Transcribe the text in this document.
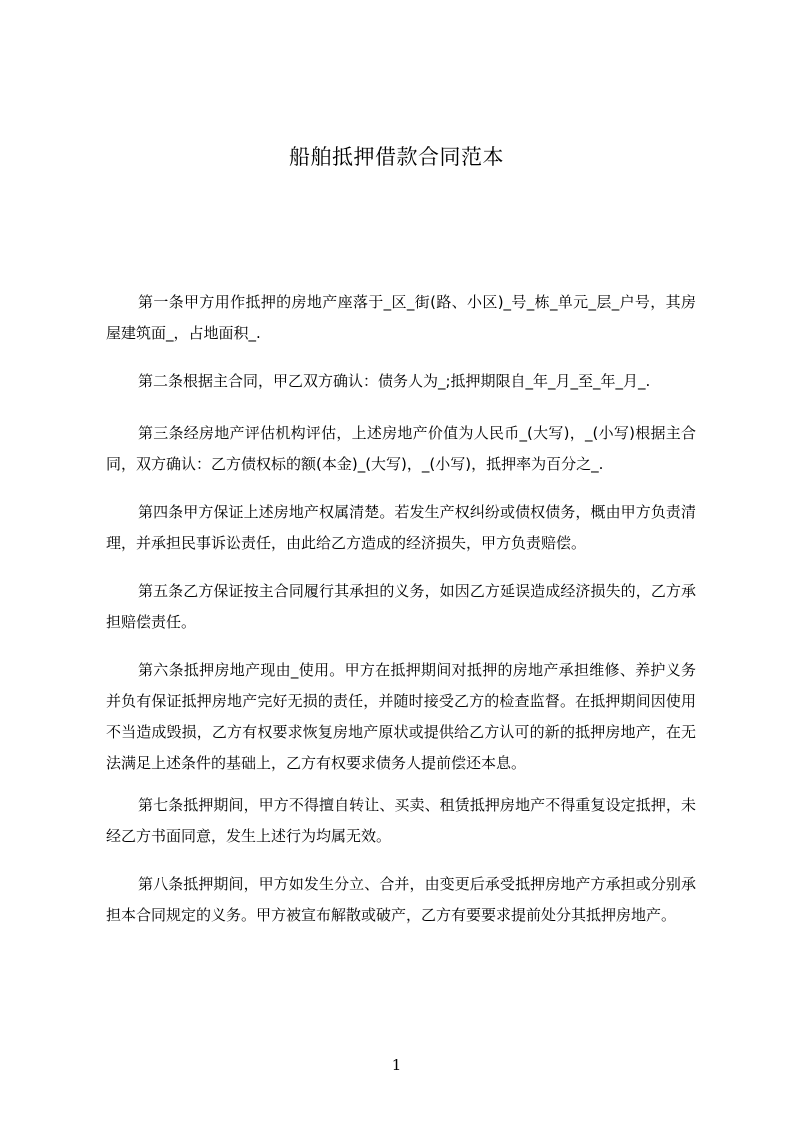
船舶抵押借款合同范本

第一条甲方用作抵押的房地产座落于_区_街(路、小区)_号_栋_单元_层_户号，其房屋建筑面_，占地面积_.

第二条根据主合同，甲乙双方确认：债务人为_;抵押期限自_年_月_至_年_月_.

第三条经房地产评估机构评估，上述房地产价值为人民币_(大写)，_(小写)根据主合同，双方确认：乙方债权标的额(本金)_(大写)，_(小写)，抵押率为百分之_.

第四条甲方保证上述房地产权属清楚。若发生产权纠纷或债权债务，概由甲方负责清理，并承担民事诉讼责任，由此给乙方造成的经济损失，甲方负责赔偿。

第五条乙方保证按主合同履行其承担的义务，如因乙方延误造成经济损失的，乙方承担赔偿责任。

第六条抵押房地产现由_使用。甲方在抵押期间对抵押的房地产承担维修、养护义务并负有保证抵押房地产完好无损的责任，并随时接受乙方的检查监督。在抵押期间因使用不当造成毁损，乙方有权要求恢复房地产原状或提供给乙方认可的新的抵押房地产，在无法满足上述条件的基础上，乙方有权要求债务人提前偿还本息。

第七条抵押期间，甲方不得擅自转让、买卖、租赁抵押房地产不得重复设定抵押，未经乙方书面同意，发生上述行为均属无效。

第八条抵押期间，甲方如发生分立、合并，由变更后承受抵押房地产方承担或分别承担本合同规定的义务。甲方被宣布解散或破产，乙方有要要求提前处分其抵押房地产。

1
